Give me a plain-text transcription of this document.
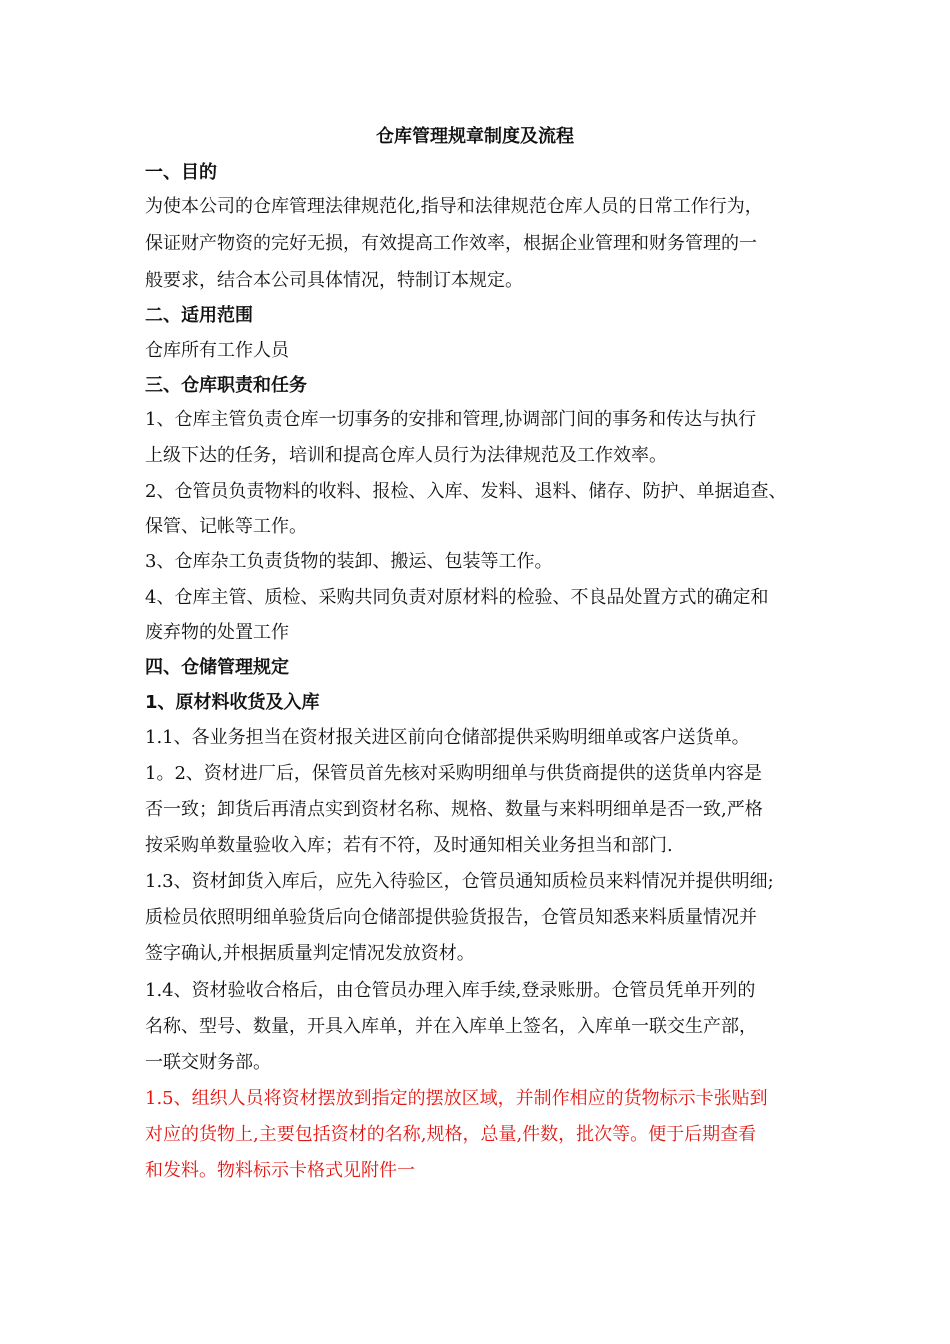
仓库管理规章制度及流程
一、目的
为使本公司的仓库管理法律规范化,指导和法律规范仓库人员的日常工作行为，
保证财产物资的完好无损，有效提高工作效率，根据企业管理和财务管理的一
般要求，结合本公司具体情况，特制订本规定。
二、适用范围
仓库所有工作人员
三、仓库职责和任务
1、仓库主管负责仓库一切事务的安排和管理,协调部门间的事务和传达与执行
上级下达的任务，培训和提高仓库人员行为法律规范及工作效率。
2、仓管员负责物料的收料、报检、入库、发料、退料、储存、防护、单据追查、
保管、记帐等工作。
3、仓库杂工负责货物的装卸、搬运、包装等工作。
4、仓库主管、质检、采购共同负责对原材料的检验、不良品处置方式的确定和
废弃物的处置工作
四、仓储管理规定
1、原材料收货及入库
1.1、各业务担当在资材报关进区前向仓储部提供采购明细单或客户送货单。
1。2、资材进厂后，保管员首先核对采购明细单与供货商提供的送货单内容是
否一致；卸货后再清点实到资材名称、规格、数量与来料明细单是否一致,严格
按采购单数量验收入库；若有不符，及时通知相关业务担当和部门.
1.3、资材卸货入库后，应先入待验区，仓管员通知质检员来料情况并提供明细;
质检员依照明细单验货后向仓储部提供验货报告，仓管员知悉来料质量情况并
签字确认,并根据质量判定情况发放资材。
1.4、资材验收合格后，由仓管员办理入库手续,登录账册。仓管员凭单开列的
名称、型号、数量，开具入库单，并在入库单上签名，入库单一联交生产部，
一联交财务部。
1.5、组织人员将资材摆放到指定的摆放区域，并制作相应的货物标示卡张贴到
对应的货物上,主要包括资材的名称,规格，总量,件数，批次等。便于后期查看
和发料。物料标示卡格式见附件一
